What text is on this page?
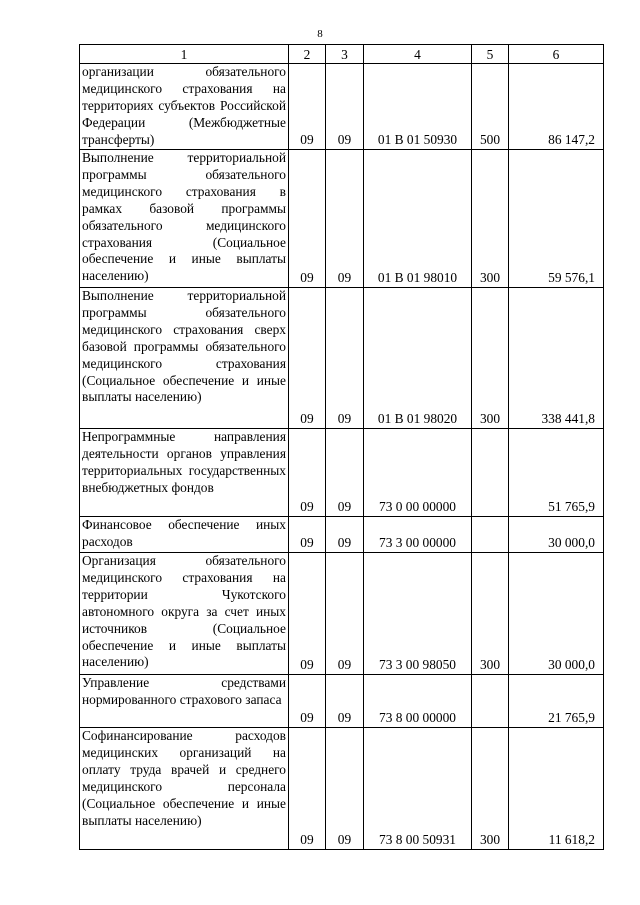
8
1	2	3	4	5	6
организации обязательного медицинского страхования на территориях субъектов Российской Федерации (Межбюджетные трансферты)	09	09	01 В 01 50930	500	86 147,2
Выполнение территориальной программы обязательного медицинского страхования в рамках базовой программы обязательного медицинского страхования (Социальное обеспечение и иные выплаты населению)	09	09	01 В 01 98010	300	59 576,1
Выполнение территориальной программы обязательного медицинского страхования сверх базовой программы обязательного медицинского страхования (Социальное обеспечение и иные выплаты населению)	09	09	01 В 01 98020	300	338 441,8
Непрограммные направления деятельности органов управления территориальных государственных внебюджетных фондов	09	09	73 0 00 00000		51 765,9
Финансовое обеспечение иных расходов	09	09	73 3 00 00000		30 000,0
Организация обязательного медицинского страхования на территории Чукотского автономного округа за счет иных источников (Социальное обеспечение и иные выплаты населению)	09	09	73 3 00 98050	300	30 000,0
Управление средствами нормированного страхового запаса	09	09	73 8 00 00000		21 765,9
Софинансирование расходов медицинских организаций на оплату труда врачей и среднего медицинского персонала (Социальное обеспечение и иные выплаты населению)	09	09	73 8 00 50931	300	11 618,2
